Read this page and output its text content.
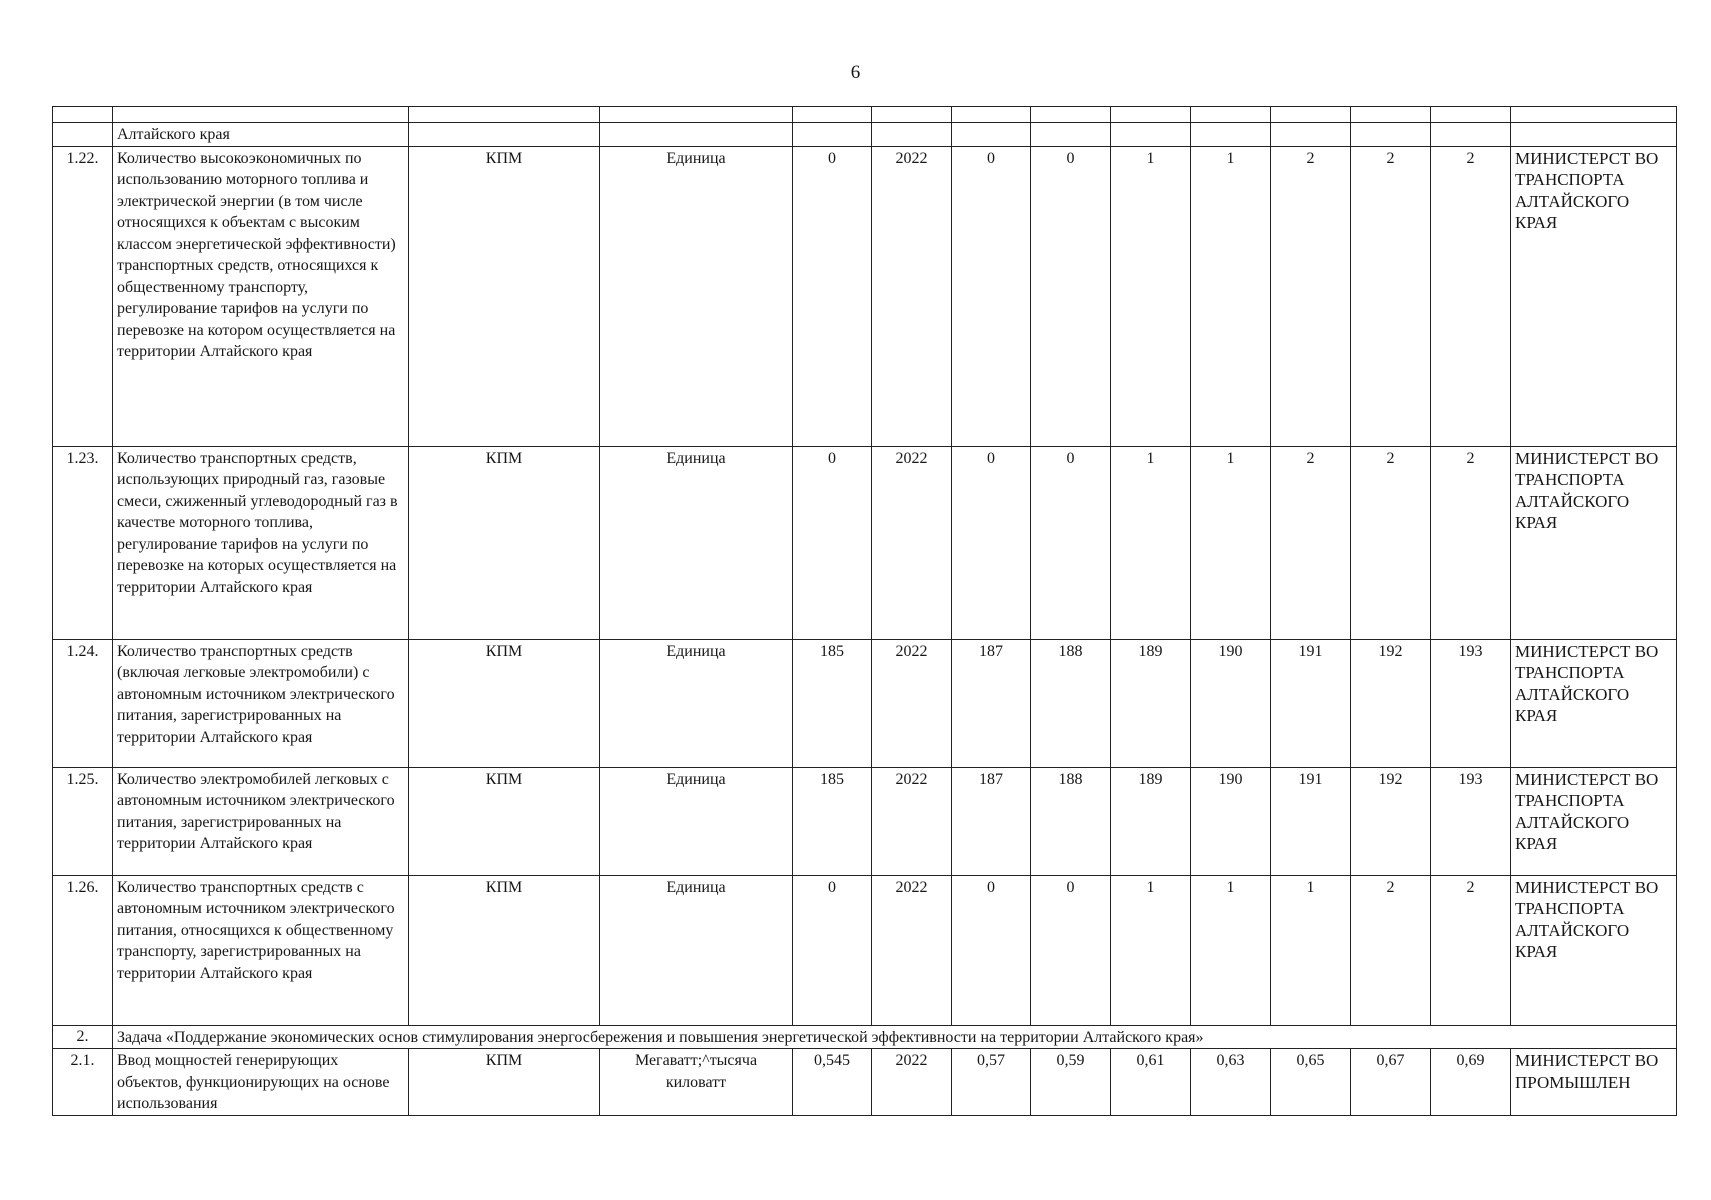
6

	Алтайского края												
1.22.	Количество высокоэкономичных по использованию моторного топлива и электрической энергии (в том числе относящихся к объектам с высоким классом энергетической эффективности) транспортных средств, относящихся к общественному транспорту, регулирование тарифов на услуги по перевозке на котором осуществляется на территории Алтайского края	КПМ	Единица	0	2022	0	0	1	1	2	2	2	МИНИСТЕРСТ ВО ТРАНСПОРТА АЛТАЙСКОГО КРАЯ
1.23.	Количество транспортных средств, использующих природный газ, газовые смеси, сжиженный углеводородный газ в качестве моторного топлива, регулирование тарифов на услуги по перевозке на которых осуществляется на территории Алтайского края	КПМ	Единица	0	2022	0	0	1	1	2	2	2	МИНИСТЕРСТ ВО ТРАНСПОРТА АЛТАЙСКОГО КРАЯ
1.24.	Количество транспортных средств (включая легковые электромобили) с автономным источником электрического питания, зарегистрированных на территории Алтайского края	КПМ	Единица	185	2022	187	188	189	190	191	192	193	МИНИСТЕРСТ ВО ТРАНСПОРТА АЛТАЙСКОГО КРАЯ
1.25.	Количество электромобилей легковых с автономным источником электрического питания, зарегистрированных на территории Алтайского края	КПМ	Единица	185	2022	187	188	189	190	191	192	193	МИНИСТЕРСТ ВО ТРАНСПОРТА АЛТАЙСКОГО КРАЯ
1.26.	Количество транспортных средств с автономным источником электрического питания, относящихся к общественному транспорту, зарегистрированных на территории Алтайского края	КПМ	Единица	0	2022	0	0	1	1	1	2	2	МИНИСТЕРСТ ВО ТРАНСПОРТА АЛТАЙСКОГО КРАЯ
2.	Задача «Поддержание экономических основ стимулирования энергосбережения и повышения энергетической эффективности на территории Алтайского края»												
2.1.	Ввод мощностей генерирующих объектов, функционирующих на основе использования	КПМ	Мегаватт;^тысяча киловатт	0,545	2022	0,57	0,59	0,61	0,63	0,65	0,67	0,69	МИНИСТЕРСТ ВО ПРОМЫШЛЕН
